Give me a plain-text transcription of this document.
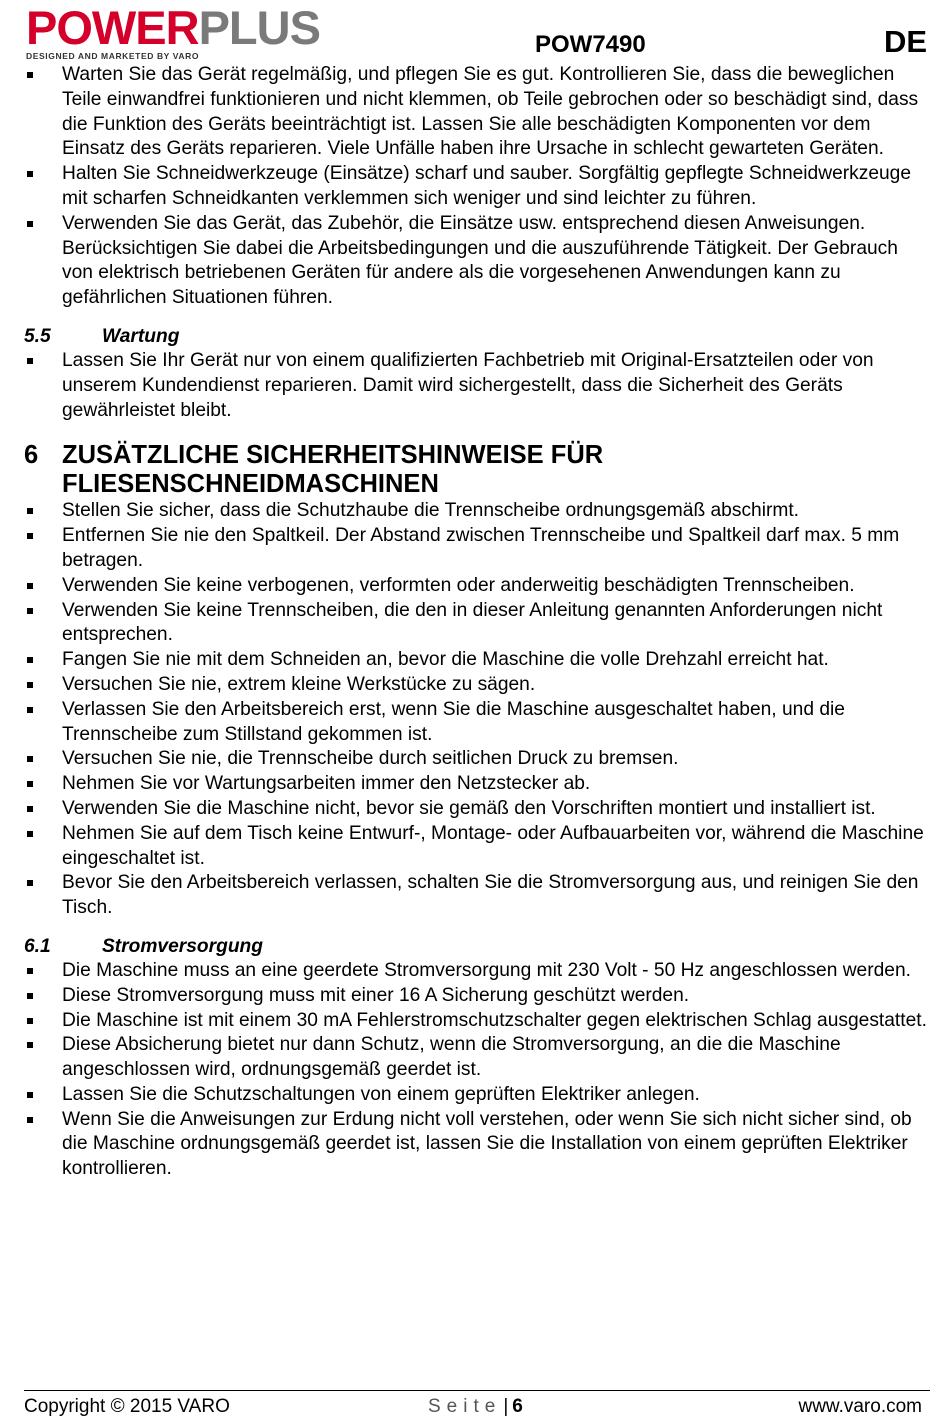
POWERPLUS
DESIGNED AND MARKETED BY VARO	POW7490	DE
Warten Sie das Gerät regelmäßig, und pflegen Sie es gut. Kontrollieren Sie, dass die beweglichen Teile einwandfrei funktionieren und nicht klemmen, ob Teile gebrochen oder so beschädigt sind, dass die Funktion des Geräts beeinträchtigt ist. Lassen Sie alle beschädigten Komponenten vor dem Einsatz des Geräts reparieren. Viele Unfälle haben ihre Ursache in schlecht gewarteten Geräten.
Halten Sie Schneidwerkzeuge (Einsätze) scharf und sauber. Sorgfältig gepflegte Schneidwerkzeuge mit scharfen Schneidkanten verklemmen sich weniger und sind leichter zu führen.
Verwenden Sie das Gerät, das Zubehör, die Einsätze usw. entsprechend diesen Anweisungen. Berücksichtigen Sie dabei die Arbeitsbedingungen und die auszuführende Tätigkeit. Der Gebrauch von elektrisch betriebenen Geräten für andere als die vorgesehenen Anwendungen kann zu gefährlichen Situationen führen.
5.5	Wartung
Lassen Sie Ihr Gerät nur von einem qualifizierten Fachbetrieb mit Original-Ersatzteilen oder von unserem Kundendienst reparieren. Damit wird sichergestellt, dass die Sicherheit des Geräts gewährleistet bleibt.
6 ZUSÄTZLICHE SICHERHEITSHINWEISE FÜR FLIESENSCHNEIDMASCHINEN
Stellen Sie sicher, dass die Schutzhaube die Trennscheibe ordnungsgemäß abschirmt.
Entfernen Sie nie den Spaltkeil. Der Abstand zwischen Trennscheibe und Spaltkeil darf max. 5 mm betragen.
Verwenden Sie keine verbogenen, verformten oder anderweitig beschädigten Trennscheiben.
Verwenden Sie keine Trennscheiben, die den in dieser Anleitung genannten Anforderungen nicht entsprechen.
Fangen Sie nie mit dem Schneiden an, bevor die Maschine die volle Drehzahl erreicht hat.
Versuchen Sie nie, extrem kleine Werkstücke zu sägen.
Verlassen Sie den Arbeitsbereich erst, wenn Sie die Maschine ausgeschaltet haben, und die Trennscheibe zum Stillstand gekommen ist.
Versuchen Sie nie, die Trennscheibe durch seitlichen Druck zu bremsen.
Nehmen Sie vor Wartungsarbeiten immer den Netzstecker ab.
Verwenden Sie die Maschine nicht, bevor sie gemäß den Vorschriften montiert und installiert ist.
Nehmen Sie auf dem Tisch keine Entwurf-, Montage- oder Aufbauarbeiten vor, während die Maschine eingeschaltet ist.
Bevor Sie den Arbeitsbereich verlassen, schalten Sie die Stromversorgung aus, und reinigen Sie den Tisch.
6.1	Stromversorgung
Die Maschine muss an eine geerdete Stromversorgung mit 230 Volt - 50 Hz angeschlossen werden.
Diese Stromversorgung muss mit einer 16 A Sicherung geschützt werden.
Die Maschine ist mit einem 30 mA Fehlerstromschutzschalter gegen elektrischen Schlag ausgestattet.
Diese Absicherung bietet nur dann Schutz, wenn die Stromversorgung, an die die Maschine angeschlossen wird, ordnungsgemäß geerdet ist.
Lassen Sie die Schutzschaltungen von einem geprüften Elektriker anlegen.
Wenn Sie die Anweisungen zur Erdung nicht voll verstehen, oder wenn Sie sich nicht sicher sind, ob die Maschine ordnungsgemäß geerdet ist, lassen Sie die Installation von einem geprüften Elektriker kontrollieren.
Copyright © 2015 VARO	Seite | 6	www.varo.com
